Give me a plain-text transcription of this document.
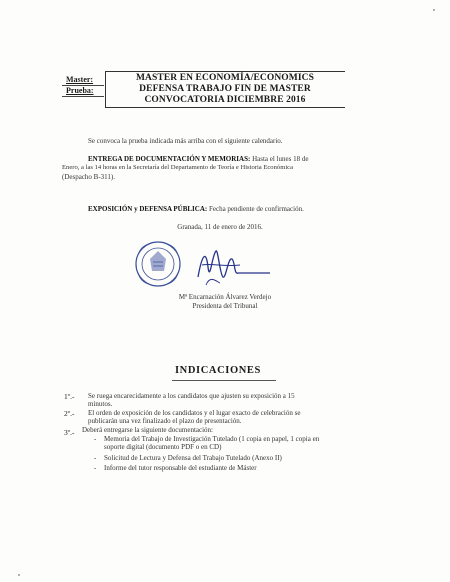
Master:
Prueba:
MASTER EN ECONOMÍA/ECONOMICS
DEFENSA TRABAJO FIN DE MASTER
CONVOCATORIA DICIEMBRE 2016
Se convoca la prueba indicada más arriba con el siguiente calendario.
ENTREGA DE DOCUMENTACIÓN Y MEMORIAS: Hasta el lunes 18 de
Enero, a las 14 horas en la Secretaría del Departamento de Teoría e Historia Económica
(Despacho B-311).
EXPOSICIÓN y DEFENSA PÚBLICA: Fecha pendiente de confirmación.
Granada, 11 de enero de 2016.
Mª Encarnación Álvarez Verdejo
Presidenta del Tribunal
INDICACIONES
1º.- Se ruega encarecidamente a los candidatos que ajusten su exposición a 15
minutos.
2º.- El orden de exposición de los candidatos y el lugar exacto de celebración se
publicarán una vez finalizado el plazo de presentación.
3º.- Deberá entregarse la siguiente documentación:
- Memoria del Trabajo de Investigación Tutelado (1 copia en papel, 1 copia en
soporte digital (documento PDF o en CD)
- Solicitud de Lectura y Defensa del Trabajo Tutelado (Anexo II)
- Informe del tutor responsable del estudiante de Máster
